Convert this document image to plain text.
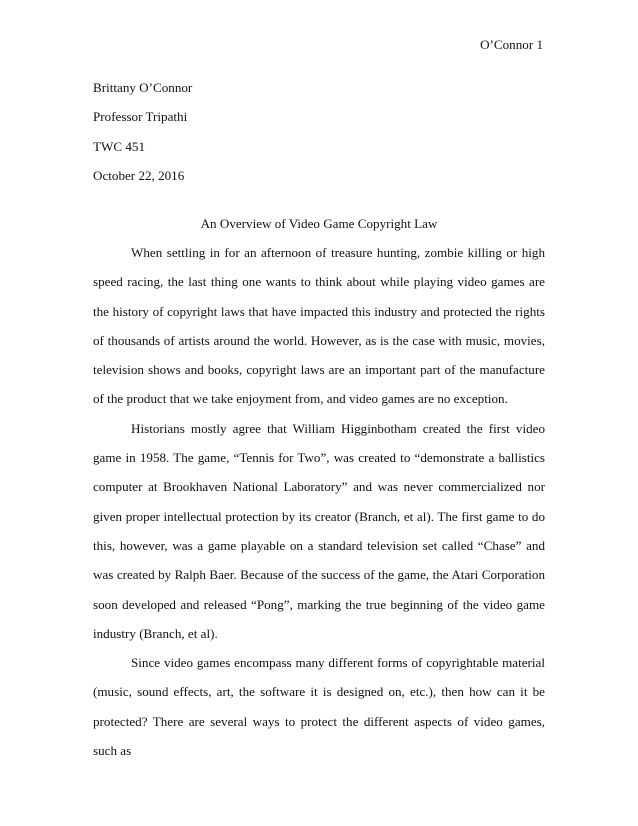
O’Connor 1
Brittany O’Connor
Professor Tripathi
TWC 451
October 22, 2016
An Overview of Video Game Copyright Law

When settling in for an afternoon of treasure hunting, zombie killing or high speed racing, the last thing one wants to think about while playing video games are the history of copyright laws that have impacted this industry and protected the rights of thousands of artists around the world. However, as is the case with music, movies, television shows and books, copyright laws are an important part of the manufacture of the product that we take enjoyment from, and video games are no exception.

Historians mostly agree that William Higginbotham created the first video game in 1958. The game, “Tennis for Two”, was created to “demonstrate a ballistics computer at Brookhaven National Laboratory” and was never commercialized nor given proper intellectual protection by its creator (Branch, et al). The first game to do this, however, was a game playable on a standard television set called “Chase” and was created by Ralph Baer. Because of the success of the game, the Atari Corporation soon developed and released “Pong”, marking the true beginning of the video game industry (Branch, et al).

Since video games encompass many different forms of copyrightable material (music, sound effects, art, the software it is designed on, etc.), then how can it be protected? There are several ways to protect the different aspects of video games, such as
